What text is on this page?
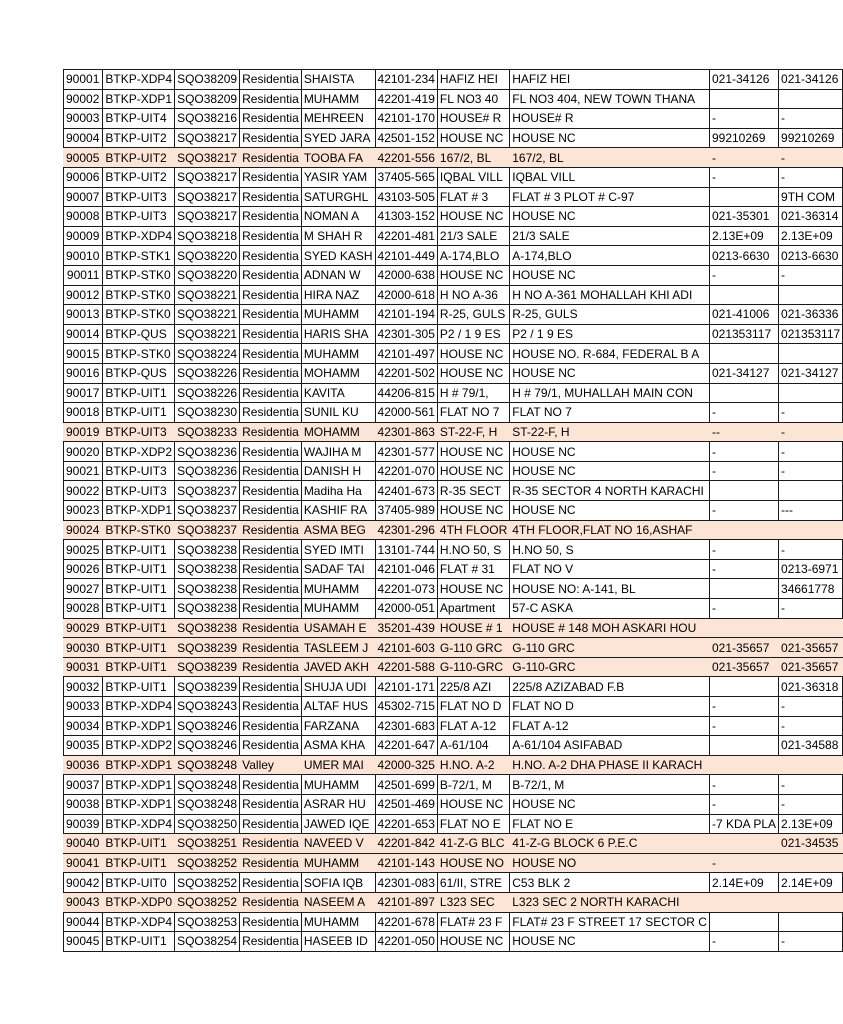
90001	BTKP-XDP4	SQO38209	Residentia	SHAISTA	42101-234	HAFIZ HEI	HAFIZ HEI	021-34126	021-34126
90002	BTKP-XDP1	SQO38209	Residentia	MUHAMM	42201-419	FL NO3 40	FL NO3 404, NEW TOWN THANA		
90003	BTKP-UIT4	SQO38216	Residentia	MEHREEN	42101-170	HOUSE# R	HOUSE# R	-	-
90004	BTKP-UIT2	SQO38217	Residentia	SYED JARA	42501-152	HOUSE NC	HOUSE NC	99210269	99210269
90005	BTKP-UIT2	SQO38217	Residentia	TOOBA FA	42201-556	167/2, BL	167/2, BL	-	-
90006	BTKP-UIT2	SQO38217	Residentia	YASIR YAM	37405-565	IQBAL VILL	IQBAL VILL	-	-
90007	BTKP-UIT3	SQO38217	Residentia	SATURGHL	43103-505	FLAT # 3	FLAT # 3 PLOT # C-97		9TH COM
90008	BTKP-UIT3	SQO38217	Residentia	NOMAN A	41303-152	HOUSE NC	HOUSE NC	021-35301	021-36314
90009	BTKP-XDP4	SQO38218	Residentia	M SHAH R	42201-481	21/3 SALE	21/3 SALE	2.13E+09	2.13E+09
90010	BTKP-STK1	SQO38220	Residentia	SYED KASH	42101-449	A-174,BLO	A-174,BLO	0213-6630	0213-6630
90011	BTKP-STK0	SQO38220	Residentia	ADNAN W	42000-638	HOUSE NC	HOUSE NC	-	-
90012	BTKP-STK0	SQO38221	Residentia	HIRA NAZ	42000-618	H NO A-36	H NO A-361 MOHALLAH KHI ADI		
90013	BTKP-STK0	SQO38221	Residentia	MUHAMM	42101-194	R-25, GULS	R-25, GULS	021-41006	021-36336
90014	BTKP-QUS	SQO38221	Residentia	HARIS SHA	42301-305	P2 / 1 9 ES	P2 / 1 9 ES	021353117	021353117
90015	BTKP-STK0	SQO38224	Residentia	MUHAMM	42101-497	HOUSE NC	HOUSE NO. R-684, FEDERAL B A		
90016	BTKP-QUS	SQO38226	Residentia	MOHAMM	42201-502	HOUSE NC	HOUSE NC	021-34127	021-34127
90017	BTKP-UIT1	SQO38226	Residentia	KAVITA	44206-815	H # 79/1,	H # 79/1, MUHALLAH MAIN CON		
90018	BTKP-UIT1	SQO38230	Residentia	SUNIL KU	42000-561	FLAT NO 7	FLAT NO 7	-	-
90019	BTKP-UIT3	SQO38233	Residentia	MOHAMM	42301-863	ST-22-F, H	ST-22-F, H	--	-
90020	BTKP-XDP2	SQO38236	Residentia	WAJIHA M	42301-577	HOUSE NC	HOUSE NC	-	-
90021	BTKP-UIT3	SQO38236	Residentia	DANISH H	42201-070	HOUSE NC	HOUSE NC	-	-
90022	BTKP-UIT3	SQO38237	Residentia	Madiha Ha	42401-673	R-35 SECT	R-35 SECTOR 4 NORTH KARACHI		
90023	BTKP-XDP1	SQO38237	Residentia	KASHIF RA	37405-989	HOUSE NC	HOUSE NC	-	---
90024	BTKP-STK0	SQO38237	Residentia	ASMA BEG	42301-296	4TH FLOOR	4TH FLOOR,FLAT NO 16,ASHAF		
90025	BTKP-UIT1	SQO38238	Residentia	SYED IMTI	13101-744	H.NO 50, S	H.NO 50, S	-	-
90026	BTKP-UIT1	SQO38238	Residentia	SADAF TAI	42101-046	FLAT # 31	FLAT NO V	-	0213-6971
90027	BTKP-UIT1	SQO38238	Residentia	MUHAMM	42201-073	HOUSE NC	HOUSE NO: A-141, BL		34661778
90028	BTKP-UIT1	SQO38238	Residentia	MUHAMM	42000-051	Apartment	57-C ASKA	-	-
90029	BTKP-UIT1	SQO38238	Residentia	USAMAH E	35201-439	HOUSE # 1	HOUSE # 148 MOH ASKARI HOU		
90030	BTKP-UIT1	SQO38239	Residentia	TASLEEM J	42101-603	G-110 GRC	G-110 GRC	021-35657	021-35657
90031	BTKP-UIT1	SQO38239	Residentia	JAVED AKH	42201-588	G-110-GRC	G-110-GRC	021-35657	021-35657
90032	BTKP-UIT1	SQO38239	Residentia	SHUJA UDI	42101-171	225/8 AZI	225/8 AZIZABAD F.B		021-36318
90033	BTKP-XDP4	SQO38243	Residentia	ALTAF HUS	45302-715	FLAT NO D	FLAT NO D	-	-
90034	BTKP-XDP1	SQO38246	Residentia	FARZANA	42301-683	FLAT A-12	FLAT A-12	-	-
90035	BTKP-XDP2	SQO38246	Residentia	ASMA KHA	42201-647	A-61/104	A-61/104 ASIFABAD		021-34588
90036	BTKP-XDP1	SQO38248	Valley	UMER MAI	42000-325	H.NO. A-2	H.NO. A-2 DHA PHASE II KARACH		
90037	BTKP-XDP1	SQO38248	Residentia	MUHAMM	42501-699	B-72/1, M	B-72/1, M	-	-
90038	BTKP-XDP1	SQO38248	Residentia	ASRAR HU	42501-469	HOUSE NC	HOUSE NC	-	-
90039	BTKP-XDP4	SQO38250	Residentia	JAWED IQE	42201-653	FLAT NO E	FLAT NO E	-7 KDA PLA	2.13E+09
90040	BTKP-UIT1	SQO38251	Residentia	NAVEED V	42201-842	41-Z-G BLC	41-Z-G BLOCK 6 P.E.C		021-34535
90041	BTKP-UIT1	SQO38252	Residentia	MUHAMM	42101-143	HOUSE NO	HOUSE NO	-	
90042	BTKP-UIT0	SQO38252	Residentia	SOFIA IQB	42301-083	61/II, STRE	C53 BLK 2	2.14E+09	2.14E+09
90043	BTKP-XDP0	SQO38252	Residentia	NASEEM A	42101-897	L323 SEC	L323 SEC 2 NORTH KARACHI		
90044	BTKP-XDP4	SQO38253	Residentia	MUHAMM	42201-678	FLAT# 23 F	FLAT# 23 F STREET 17 SECTOR C		
90045	BTKP-UIT1	SQO38254	Residentia	HASEEB ID	42201-050	HOUSE NC	HOUSE NC	-	-
